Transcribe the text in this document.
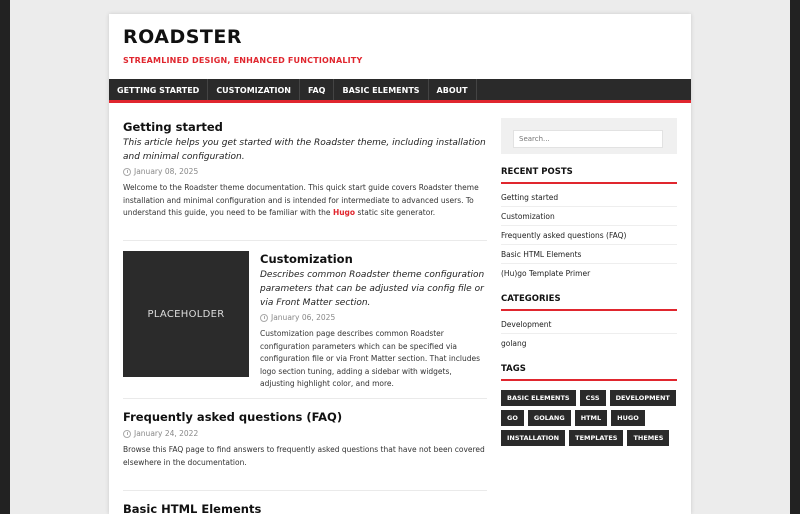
ROADSTER
STREAMLINED DESIGN, ENHANCED FUNCTIONALITY
GETTING STARTED	CUSTOMIZATION	FAQ	BASIC ELEMENTS	ABOUT
Getting started
This article helps you get started with the Roadster theme, including installation and minimal configuration.
January 08, 2025
Welcome to the Roadster theme documentation. This quick start guide covers Roadster theme installation and minimal configuration and is intended for intermediate to advanced users. To understand this guide, you need to be familiar with the Hugo static site generator.
PLACEHOLDER
Customization
Describes common Roadster theme configuration parameters that can be adjusted via config file or via Front Matter section.
January 06, 2025
Customization page describes common Roadster configuration parameters which can be specified via configuration file or via Front Matter section. That includes logo section tuning, adding a sidebar with widgets, adjusting highlight color, and more.
Frequently asked questions (FAQ)
January 24, 2022
Browse this FAQ page to find answers to frequently asked questions that have not been covered elsewhere in the documentation.
Basic HTML Elements
Search...
RECENT POSTS
Getting started
Customization
Frequently asked questions (FAQ)
Basic HTML Elements
(Hu)go Template Primer
CATEGORIES
Development
golang
TAGS
BASIC ELEMENTS	CSS	DEVELOPMENT
GO	GOLANG	HTML	HUGO
INSTALLATION	TEMPLATES	THEMES
